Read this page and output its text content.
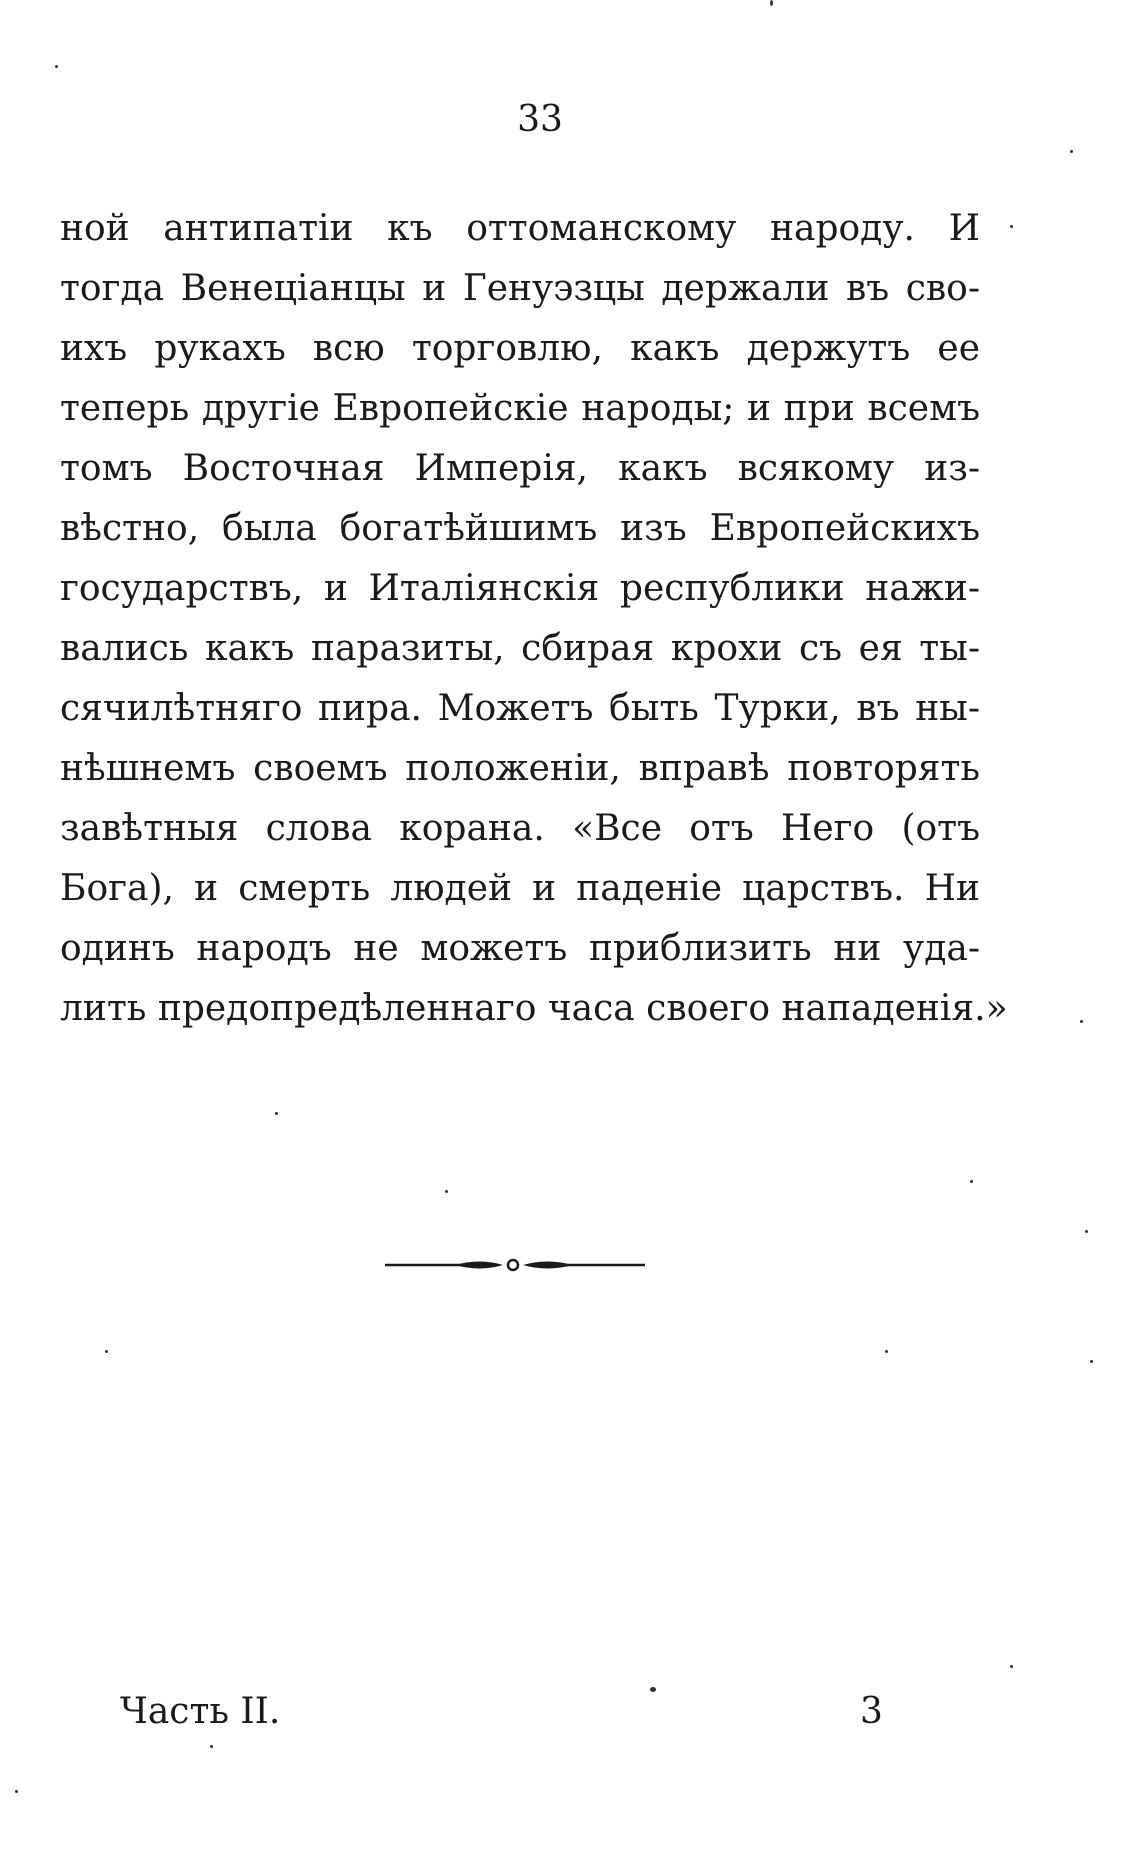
33
ной антипатіи къ оттоманскому народу. И
тогда Венеціанцы и Генуэзцы держали въ сво-
ихъ рукахъ всю торговлю, какъ держутъ ее
теперь другіе Европейскіе народы; и при всемъ
томъ Восточная Имперія, какъ всякому из-
вѣстно, была богатѣйшимъ изъ Европейскихъ
государствъ, и Италіянскія республики нажи-
вались какъ паразиты, сбирая крохи съ ея ты-
сячилѣтняго пира. Можетъ быть Турки, въ ны-
нѣшнемъ своемъ положеніи, вправѣ повторять
завѣтныя слова корана. «Все отъ Него (отъ
Бога), и смерть людей и паденіе царствъ. Ни
одинъ народъ не можетъ приблизить ни уда-
лить предопредѣленнаго часа своего нападенія.»
Часть II.	3
